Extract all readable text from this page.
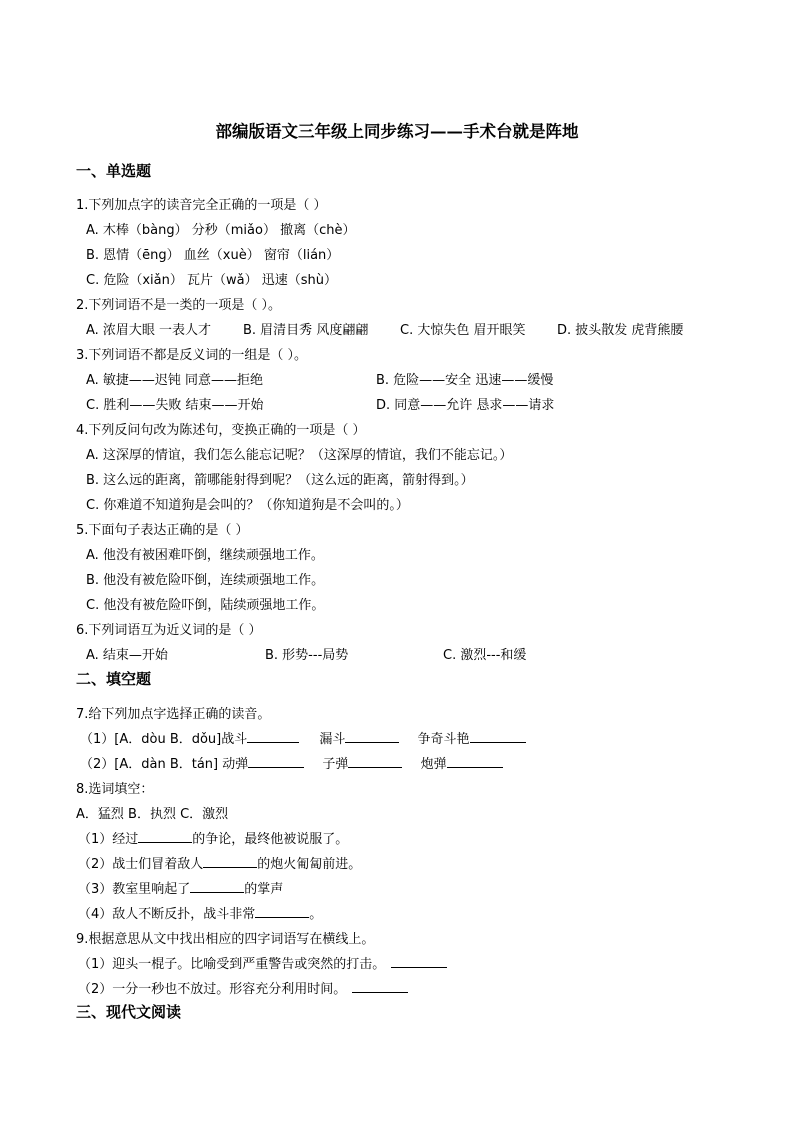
部编版语文三年级上同步练习——手术台就是阵地
一、单选题
1.下列加点字的读音完全正确的一项是（ ）
A. 木棒（bàng） 分秒（miǎo） 撤离（chè）
B. 恩情（ēng） 血丝（xuè） 窗帘（lián）
C. 危险（xiǎn） 瓦片（wǎ） 迅速（shù）
2.下列词语不是一类的一项是（ ）。
A. 浓眉大眼 一表人才 B. 眉清目秀 风度翩翩 C. 大惊失色 眉开眼笑 D. 披头散发 虎背熊腰
3.下列词语不都是反义词的一组是（ ）。
A. 敏捷——迟钝 同意——拒绝	B. 危险——安全 迅速——缓慢
C. 胜利——失败 结束——开始	D. 同意——允许 恳求——请求
4.下列反问句改为陈述句，变换正确的一项是（ ）
A. 这深厚的情谊，我们怎么能忘记呢？（这深厚的情谊，我们不能忘记。）
B. 这么远的距离，箭哪能射得到呢？（这么远的距离，箭射得到。）
C. 你难道不知道狗是会叫的？（你知道狗是不会叫的。）
5.下面句子表达正确的是（ ）
A. 他没有被困难吓倒，继续顽强地工作。
B. 他没有被危险吓倒，连续顽强地工作。
C. 他没有被危险吓倒，陆续顽强地工作。
6.下列词语互为近义词的是（ ）
A. 结束—开始	B. 形势---局势	C. 激烈---和缓
二、填空题
7.给下列加点字选择正确的读音。
（1）[A．dòu B．dǒu]战斗	漏斗	争奇斗艳
（2）[A．dàn B．tán] 动弹	子弹	炮弹
8.选词填空：
A．猛烈 B．执烈 C．激烈
（1）经过	的争论，最终他被说服了。
（2）战士们冒着敌人	的炮火匍匐前进。
（3）教室里响起了	的掌声
（4）敌人不断反扑，战斗非常	。
9.根据意思从文中找出相应的四字词语写在横线上。
（1）迎头一棍子。比喻受到严重警告或突然的打击。
（2）一分一秒也不放过。形容充分利用时间。
三、现代文阅读
